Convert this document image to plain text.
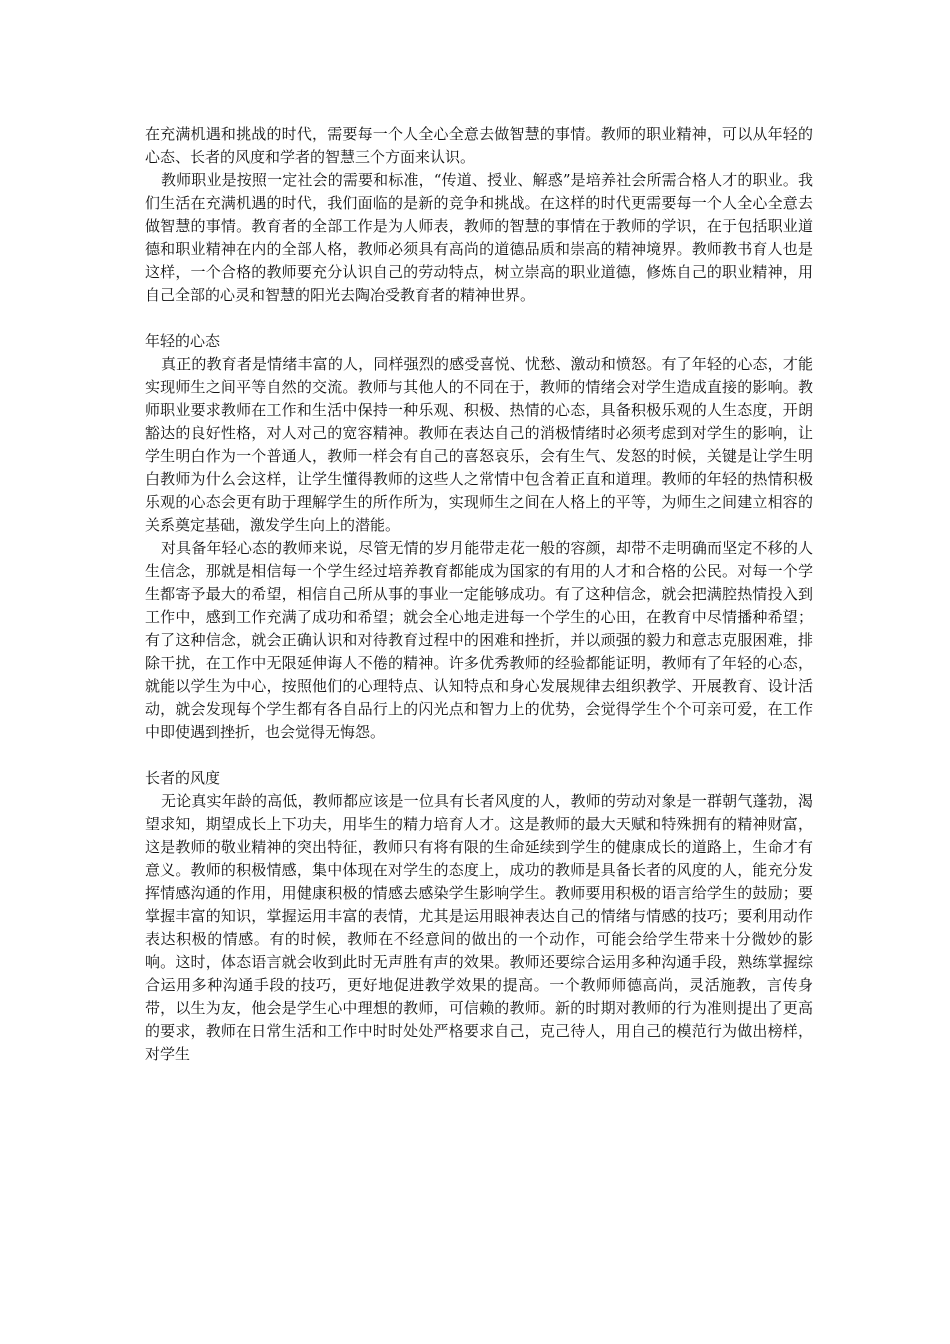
在充满机遇和挑战的时代，需要每一个人全心全意去做智慧的事情。教师的职业精神，可以从年轻的心态、长者的风度和学者的智慧三个方面来认识。

教师职业是按照一定社会的需要和标准，“传道、授业、解惑”是培养社会所需合格人才的职业。我们生活在充满机遇的时代，我们面临的是新的竞争和挑战。在这样的时代更需要每一个人全心全意去做智慧的事情。教育者的全部工作是为人师表，教师的智慧的事情在于教师的学识，在于包括职业道德和职业精神在内的全部人格，教师必须具有高尚的道德品质和崇高的精神境界。教师教书育人也是这样，一个合格的教师要充分认识自己的劳动特点，树立崇高的职业道德，修炼自己的职业精神，用自己全部的心灵和智慧的阳光去陶冶受教育者的精神世界。

年轻的心态

真正的教育者是情绪丰富的人，同样强烈的感受喜悦、忧愁、激动和愤怒。有了年轻的心态，才能实现师生之间平等自然的交流。教师与其他人的不同在于，教师的情绪会对学生造成直接的影响。教师职业要求教师在工作和生活中保持一种乐观、积极、热情的心态，具备积极乐观的人生态度，开朗豁达的良好性格，对人对己的宽容精神。教师在表达自己的消极情绪时必须考虑到对学生的影响，让学生明白作为一个普通人，教师一样会有自己的喜怒哀乐，会有生气、发怒的时候，关键是让学生明白教师为什么会这样，让学生懂得教师的这些人之常情中包含着正直和道理。教师的年轻的热情积极乐观的心态会更有助于理解学生的所作所为，实现师生之间在人格上的平等，为师生之间建立相容的关系奠定基础，激发学生向上的潜能。

对具备年轻心态的教师来说，尽管无情的岁月能带走花一般的容颜，却带不走明确而坚定不移的人生信念，那就是相信每一个学生经过培养教育都能成为国家的有用的人才和合格的公民。对每一个学生都寄予最大的希望，相信自己所从事的事业一定能够成功。有了这种信念，就会把满腔热情投入到工作中，感到工作充满了成功和希望；就会全心地走进每一个学生的心田，在教育中尽情播种希望；有了这种信念，就会正确认识和对待教育过程中的困难和挫折，并以顽强的毅力和意志克服困难，排除干扰，在工作中无限延伸诲人不倦的精神。许多优秀教师的经验都能证明，教师有了年轻的心态，就能以学生为中心，按照他们的心理特点、认知特点和身心发展规律去组织教学、开展教育、设计活动，就会发现每个学生都有各自品行上的闪光点和智力上的优势，会觉得学生个个可亲可爱，在工作中即使遇到挫折，也会觉得无悔怨。

长者的风度

无论真实年龄的高低，教师都应该是一位具有长者风度的人，教师的劳动对象是一群朝气蓬勃，渴望求知，期望成长上下功夫，用毕生的精力培育人才。这是教师的最大天赋和特殊拥有的精神财富，这是教师的敬业精神的突出特征，教师只有将有限的生命延续到学生的健康成长的道路上，生命才有意义。教师的积极情感，集中体现在对学生的态度上，成功的教师是具备长者的风度的人，能充分发挥情感沟通的作用，用健康积极的情感去感染学生影响学生。教师要用积极的语言给学生的鼓励；要掌握丰富的知识，掌握运用丰富的表情，尤其是运用眼神表达自己的情绪与情感的技巧；要利用动作表达积极的情感。有的时候，教师在不经意间的做出的一个动作，可能会给学生带来十分微妙的影响。这时，体态语言就会收到此时无声胜有声的效果。教师还要综合运用多种沟通手段，熟练掌握综合运用多种沟通手段的技巧，更好地促进教学效果的提高。一个教师师德高尚，灵活施教，言传身带，以生为友，他会是学生心中理想的教师，可信赖的教师。新的时期对教师的行为准则提出了更高的要求，教师在日常生活和工作中时时处处严格要求自己，克己待人，用自己的模范行为做出榜样，对学生
